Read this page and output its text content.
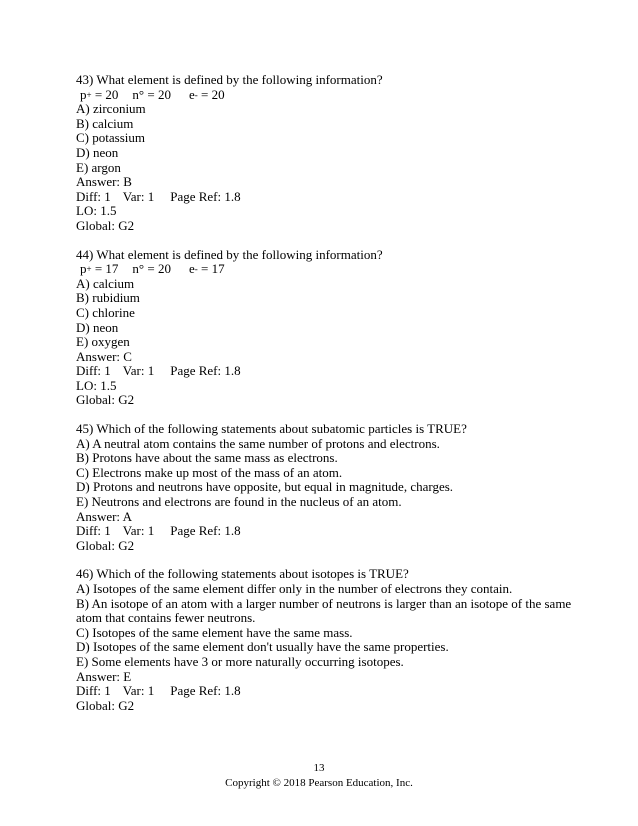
43) What element is defined by the following information?
p+ = 20 n° = 20 e- = 20
A) zirconium
B) calcium
C) potassium
D) neon
E) argon
Answer: B
Diff: 1 Var: 1 Page Ref: 1.8
LO: 1.5
Global: G2
44) What element is defined by the following information?
p+ = 17 n° = 20 e- = 17
A) calcium
B) rubidium
C) chlorine
D) neon
E) oxygen
Answer: C
Diff: 1 Var: 1 Page Ref: 1.8
LO: 1.5
Global: G2
45) Which of the following statements about subatomic particles is TRUE?
A) A neutral atom contains the same number of protons and electrons.
B) Protons have about the same mass as electrons.
C) Electrons make up most of the mass of an atom.
D) Protons and neutrons have opposite, but equal in magnitude, charges.
E) Neutrons and electrons are found in the nucleus of an atom.
Answer: A
Diff: 1 Var: 1 Page Ref: 1.8
Global: G2
46) Which of the following statements about isotopes is TRUE?
A) Isotopes of the same element differ only in the number of electrons they contain.
B) An isotope of an atom with a larger number of neutrons is larger than an isotope of the same atom that contains fewer neutrons.
C) Isotopes of the same element have the same mass.
D) Isotopes of the same element don't usually have the same properties.
E) Some elements have 3 or more naturally occurring isotopes.
Answer: E
Diff: 1 Var: 1 Page Ref: 1.8
Global: G2
13
Copyright © 2018 Pearson Education, Inc.
